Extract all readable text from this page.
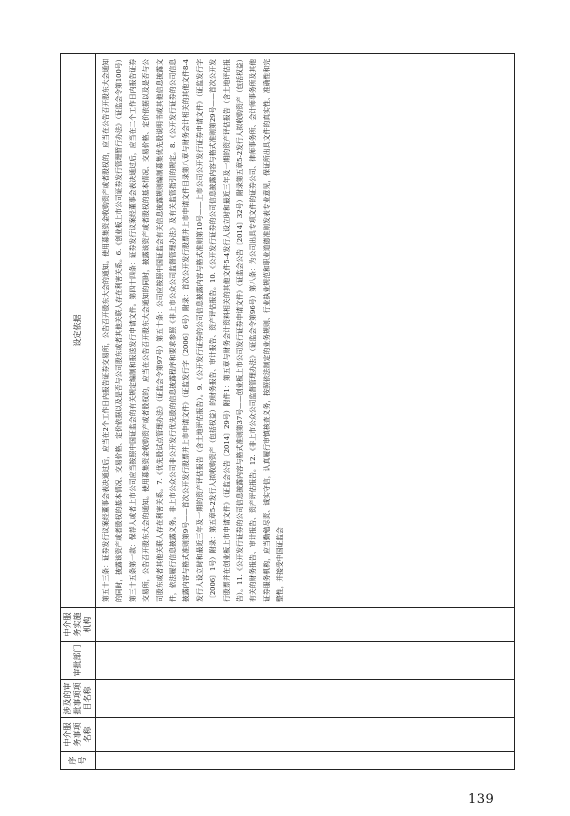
序号	中介服务事项名称	涉及的审批事项项目名称	审批部门	中介服务实施机构	设定依据
					第五十三条：证券发行议案经董事会表决通过后，应当在2个工作日内报告证券交易所，公告召开股东大会的通知。使用募集资金收购资产或者股权的，应当在公告召开股东大会通知的同时，披露该资产或者股权的基本情况、交易价格、定价依据以及是否与公司股东或者其他关联人存在利害关系。6.《创业板上市公司证券发行管理暂行办法》（证监会令第100号）第三十五条第一款：保荐人或者上市公司应当按照中国证监会的有关规定编制和报送发行申请文件。第四十四条：证券发行议案经董事会表决通过后，应当在二个工作日内报告证券交易所，公告召开股东大会的通知。使用募集资金收购资产或者股权的，应当在公告召开股东大会通知的同时，披露该资产或者股权的基本情况、交易价格、定价依据以及是否与公司股东或者其他关联人存在利害关系。7.《优先股试点管理办法》（证监会令第97号）第五十条：公司应按照中国证监会有关信息披露规则编制募集优先股说明书或其他信息披露文件，依法履行信息披露义务。非上市公众公司非公开发行优先股的信息披露程序和要求参照《非上市公众公司监督管理办法》及有关监管指引的规定。8.《公开发行证券的公司信息披露内容与格式准则第9号——首次公开发行股票并上市申请文件》（证监发行字〔2006〕6号）附录：首次公开发行股票并上市申请文件目录第八章与财务会计相关的其他文件8-4发行人设立时和最近三年及一期的资产评估报告（含土地评估报告）。9.《公开发行证券的公司信息披露内容与格式准则第10号——上市公司公开发行证券申请文件》（证监发行字〔2006〕1号）附录：第五章5-2发行人拟收购资产（包括权益）的财务报告、审计报告、资产评估报告。10.《公开发行证券的公司信息披露内容与格式准则第29号——首次公开发行股票并在创业板上市申请文件》（证监会公告〔2014〕29号）附件1：第五章与财务会计资料相关的其他文件5-4发行人设立时和最近三年及一期的资产评估报告（含土地评估报告）。11.《公开发行证券的公司信息披露内容与格式准则第37号——创业板上市公司发行证券申请文件》（证监会公告〔2014〕32号）附录第五章5-2发行人拟收购资产（包括权益）有关的财务报告、审计报告、资产评估报告。12.《非上市公众公司监督管理办法》（证监会令第96号）第八条：为公司出具专项文件的证券公司、律师事务所、会计师事务所及其他证券服务机构，应当勤勉尽责、诚实守信，认真履行审慎核查义务，按照依法制定的业务规则、行业执业规范和职业道德准则发表专业意见，保证所出具文件的真实性、准确性和完整性，并接受中国证监会
139
